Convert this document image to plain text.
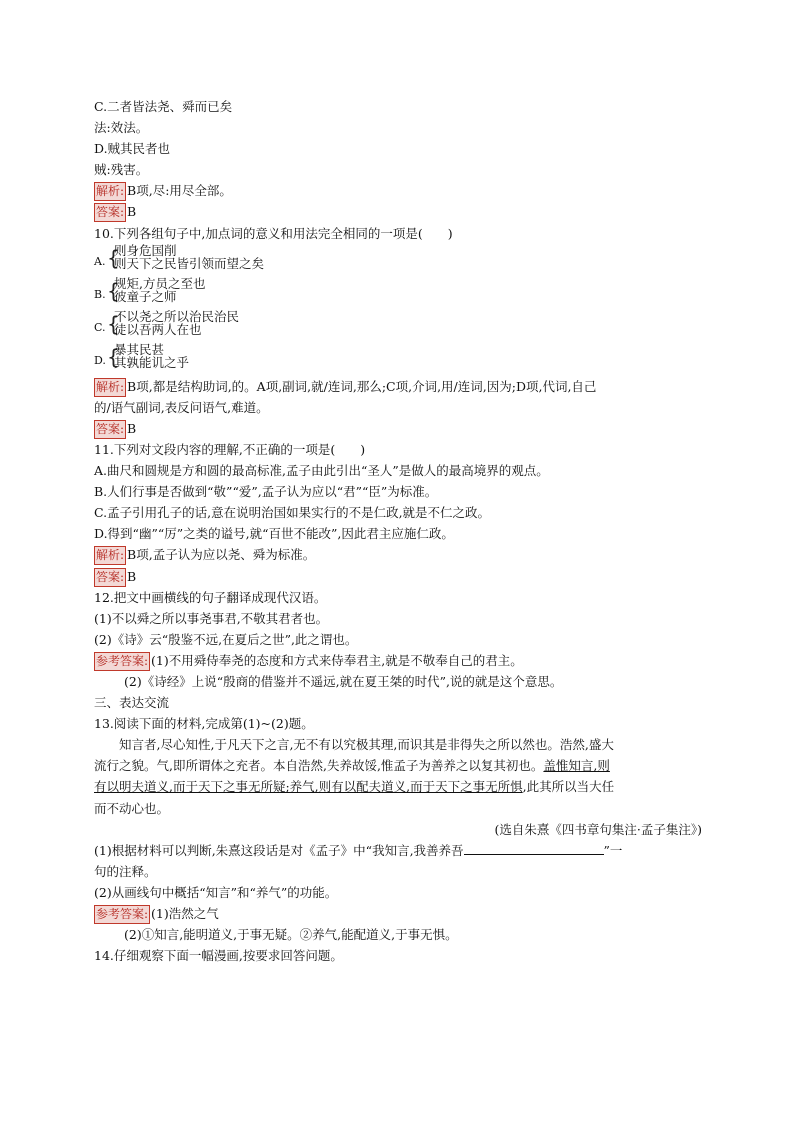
C.二者皆法尧、舜而已矣
法:效法。
D.贼其民者也
贼:残害。
解析: B项,尽:用尽全部。
答案: B
10.下列各组句子中,加点词的意义和用法完全相同的一项是(　　)
A. {
则身危国削
则天下之民皆引领而望之矣
B. {
规矩,方员之至也
彼童子之师
C. {
不以尧之所以治民治民
徒以吾两人在也
D. {
暴其民甚
其孰能讥之乎
解析: B项,都是结构助词,的。A项,副词,就/连词,那么;C项,介词,用/连词,因为;D项,代词,自己
的/语气副词,表反问语气,难道。
答案: B
11.下列对文段内容的理解,不正确的一项是(　　)
A.曲尺和圆规是方和圆的最高标准,孟子由此引出“圣人”是做人的最高境界的观点。
B.人们行事是否做到“敬”“爱”,孟子认为应以“君”“臣”为标准。
C.孟子引用孔子的话,意在说明治国如果实行的不是仁政,就是不仁之政。
D.得到“幽”“厉”之类的谥号,就“百世不能改”,因此君主应施仁政。
解析: B项,孟子认为应以尧、舜为标准。
答案: B
12.把文中画横线的句子翻译成现代汉语。
(1)不以舜之所以事尧事君,不敬其君者也。
(2)《诗》云“殷鉴不远,在夏后之世”,此之谓也。
参考答案: (1)不用舜侍奉尧的态度和方式来侍奉君主,就是不敬奉自己的君主。
(2)《诗经》上说“殷商的借鉴并不遥远,就在夏王桀的时代”,说的就是这个意思。
三、表达交流
13.阅读下面的材料,完成第(1)~(2)题。
知言者,尽心知性,于凡天下之言,无不有以究极其理,而识其是非得失之所以然也。浩然,盛大
流行之貌。气,即所谓体之充者。本自浩然,失养故馁,惟孟子为善养之以复其初也。盖惟知言,则
有以明夫道义,而于天下之事无所疑;养气,则有以配夫道义,而于天下之事无所惧,此其所以当大任
而不动心也。
(选自朱熹《四书章句集注·孟子集注》)
(1)根据材料可以判断,朱熹这段话是对《孟子》中“我知言,我善养吾	”一
句的注释。
(2)从画线句中概括“知言”和“养气”的功能。
参考答案: (1)浩然之气
(2)①知言,能明道义,于事无疑。②养气,能配道义,于事无惧。
14.仔细观察下面一幅漫画,按要求回答问题。
